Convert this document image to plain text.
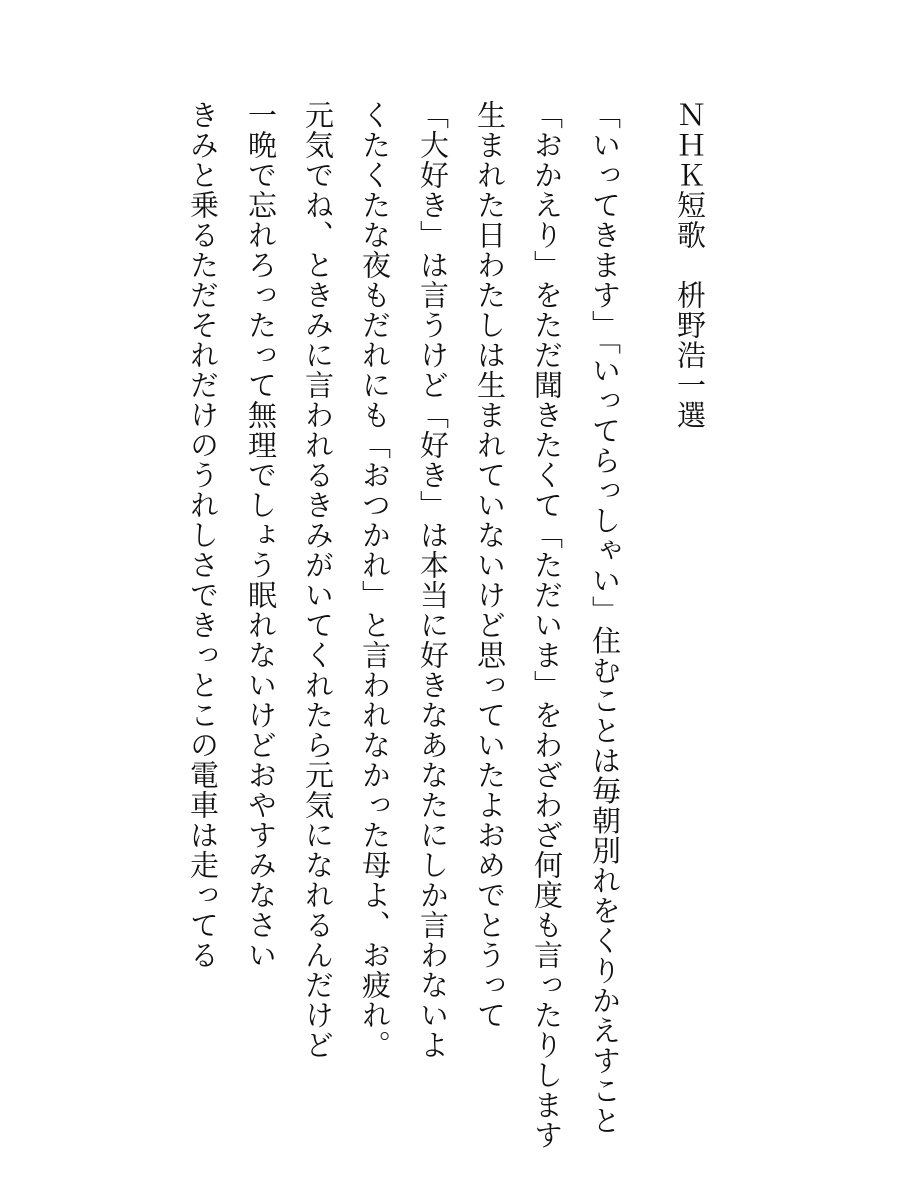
ＮＨＫ短歌　枡野浩一選
「いってきます」「いってらっしゃい」住むことは毎朝別れをくりかえすこと
「おかえり」をただ聞きたくて「ただいま」をわざわざ何度も言ったりします
生まれた日わたしは生まれていないけど思っていたよおめでとうって
「大好き」は言うけど「好き」は本当に好きなあなたにしか言わないよ
くたくたな夜もだれにも「おつかれ」と言われなかった母よ、お疲れ。
元気でね、ときみに言われるきみがいてくれたら元気になれるんだけど
一晩で忘れろったって無理でしょう眠れないけどおやすみなさい
きみと乗るただそれだけのうれしさできっとこの電車は走ってる
